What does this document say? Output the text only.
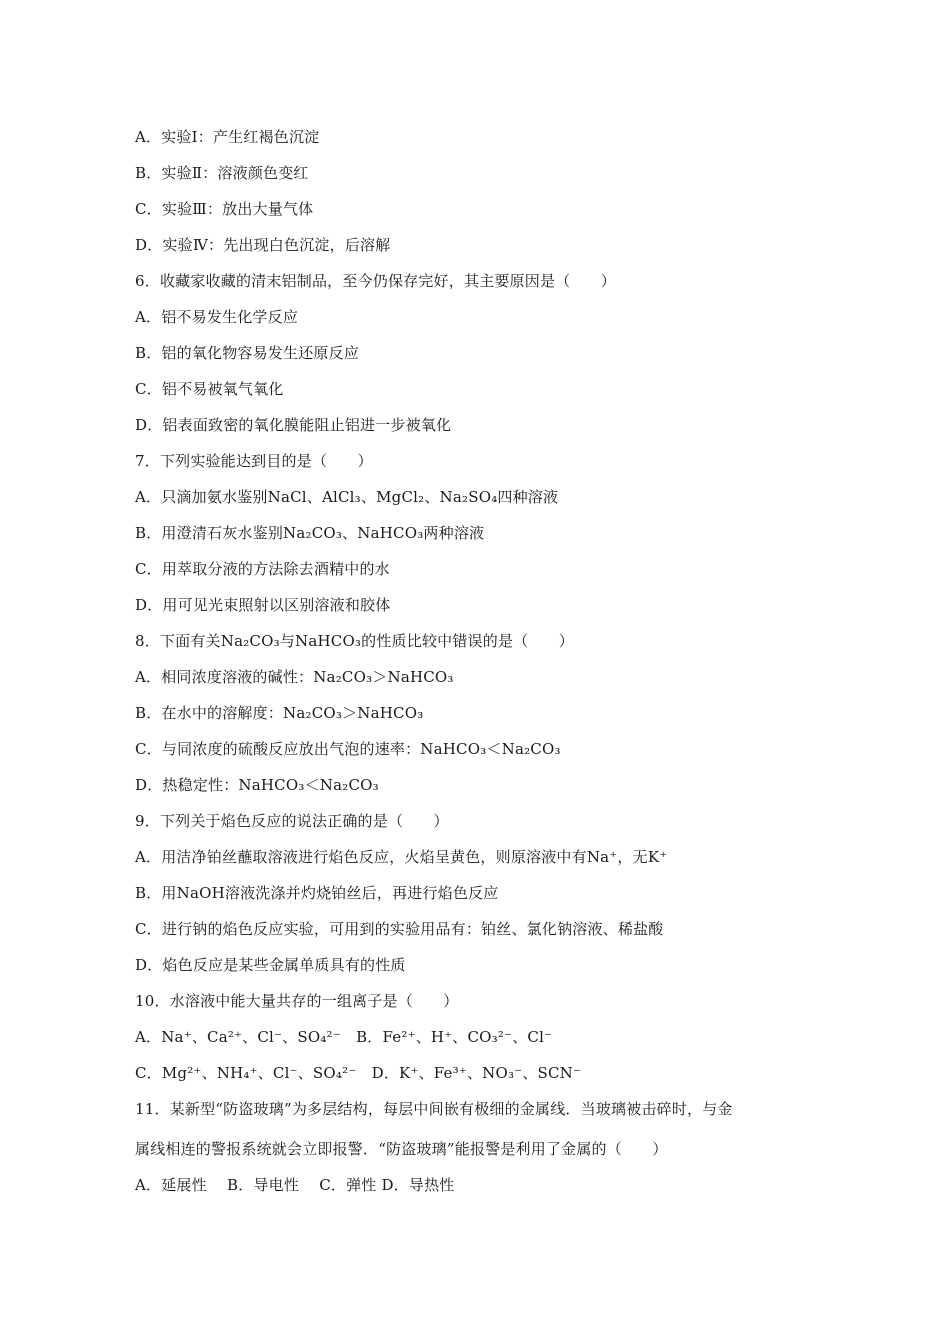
A．实验Ⅰ：产生红褐色沉淀
B．实验Ⅱ：溶液颜色变红
C．实验Ⅲ：放出大量气体
D．实验Ⅳ：先出现白色沉淀，后溶解
6．收藏家收藏的清末铝制品，至今仍保存完好，其主要原因是（　　）
A．铝不易发生化学反应
B．铝的氧化物容易发生还原反应
C．铝不易被氧气氧化
D．铝表面致密的氧化膜能阻止铝进一步被氧化
7．下列实验能达到目的是（　　）
A．只滴加氨水鉴别NaCl、AlCl₃、MgCl₂、Na₂SO₄四种溶液
B．用澄清石灰水鉴别Na₂CO₃、NaHCO₃两种溶液
C．用萃取分液的方法除去酒精中的水
D．用可见光束照射以区别溶液和胶体
8．下面有关Na₂CO₃与NaHCO₃的性质比较中错误的是（　　）
A．相同浓度溶液的碱性：Na₂CO₃＞NaHCO₃
B．在水中的溶解度：Na₂CO₃＞NaHCO₃
C．与同浓度的硫酸反应放出气泡的速率：NaHCO₃＜Na₂CO₃
D．热稳定性：NaHCO₃＜Na₂CO₃
9．下列关于焰色反应的说法正确的是（　　）
A．用洁净铂丝蘸取溶液进行焰色反应，火焰呈黄色，则原溶液中有Na⁺，无K⁺
B．用NaOH溶液洗涤并灼烧铂丝后，再进行焰色反应
C．进行钠的焰色反应实验，可用到的实验用品有：铂丝、氯化钠溶液、稀盐酸
D．焰色反应是某些金属单质具有的性质
10．水溶液中能大量共存的一组离子是（　　）
A．Na⁺、Ca²⁺、Cl⁻、SO₄²⁻　B．Fe²⁺、H⁺、CO₃²⁻、Cl⁻
C．Mg²⁺、NH₄⁺、Cl⁻、SO₄²⁻　D．K⁺、Fe³⁺、NO₃⁻、SCN⁻
11．某新型“防盗玻璃”为多层结构，每层中间嵌有极细的金属线．当玻璃被击碎时，与金
属线相连的警报系统就会立即报警．“防盗玻璃”能报警是利用了金属的（　　）
A．延展性　 B．导电性　 C．弹性 D．导热性
